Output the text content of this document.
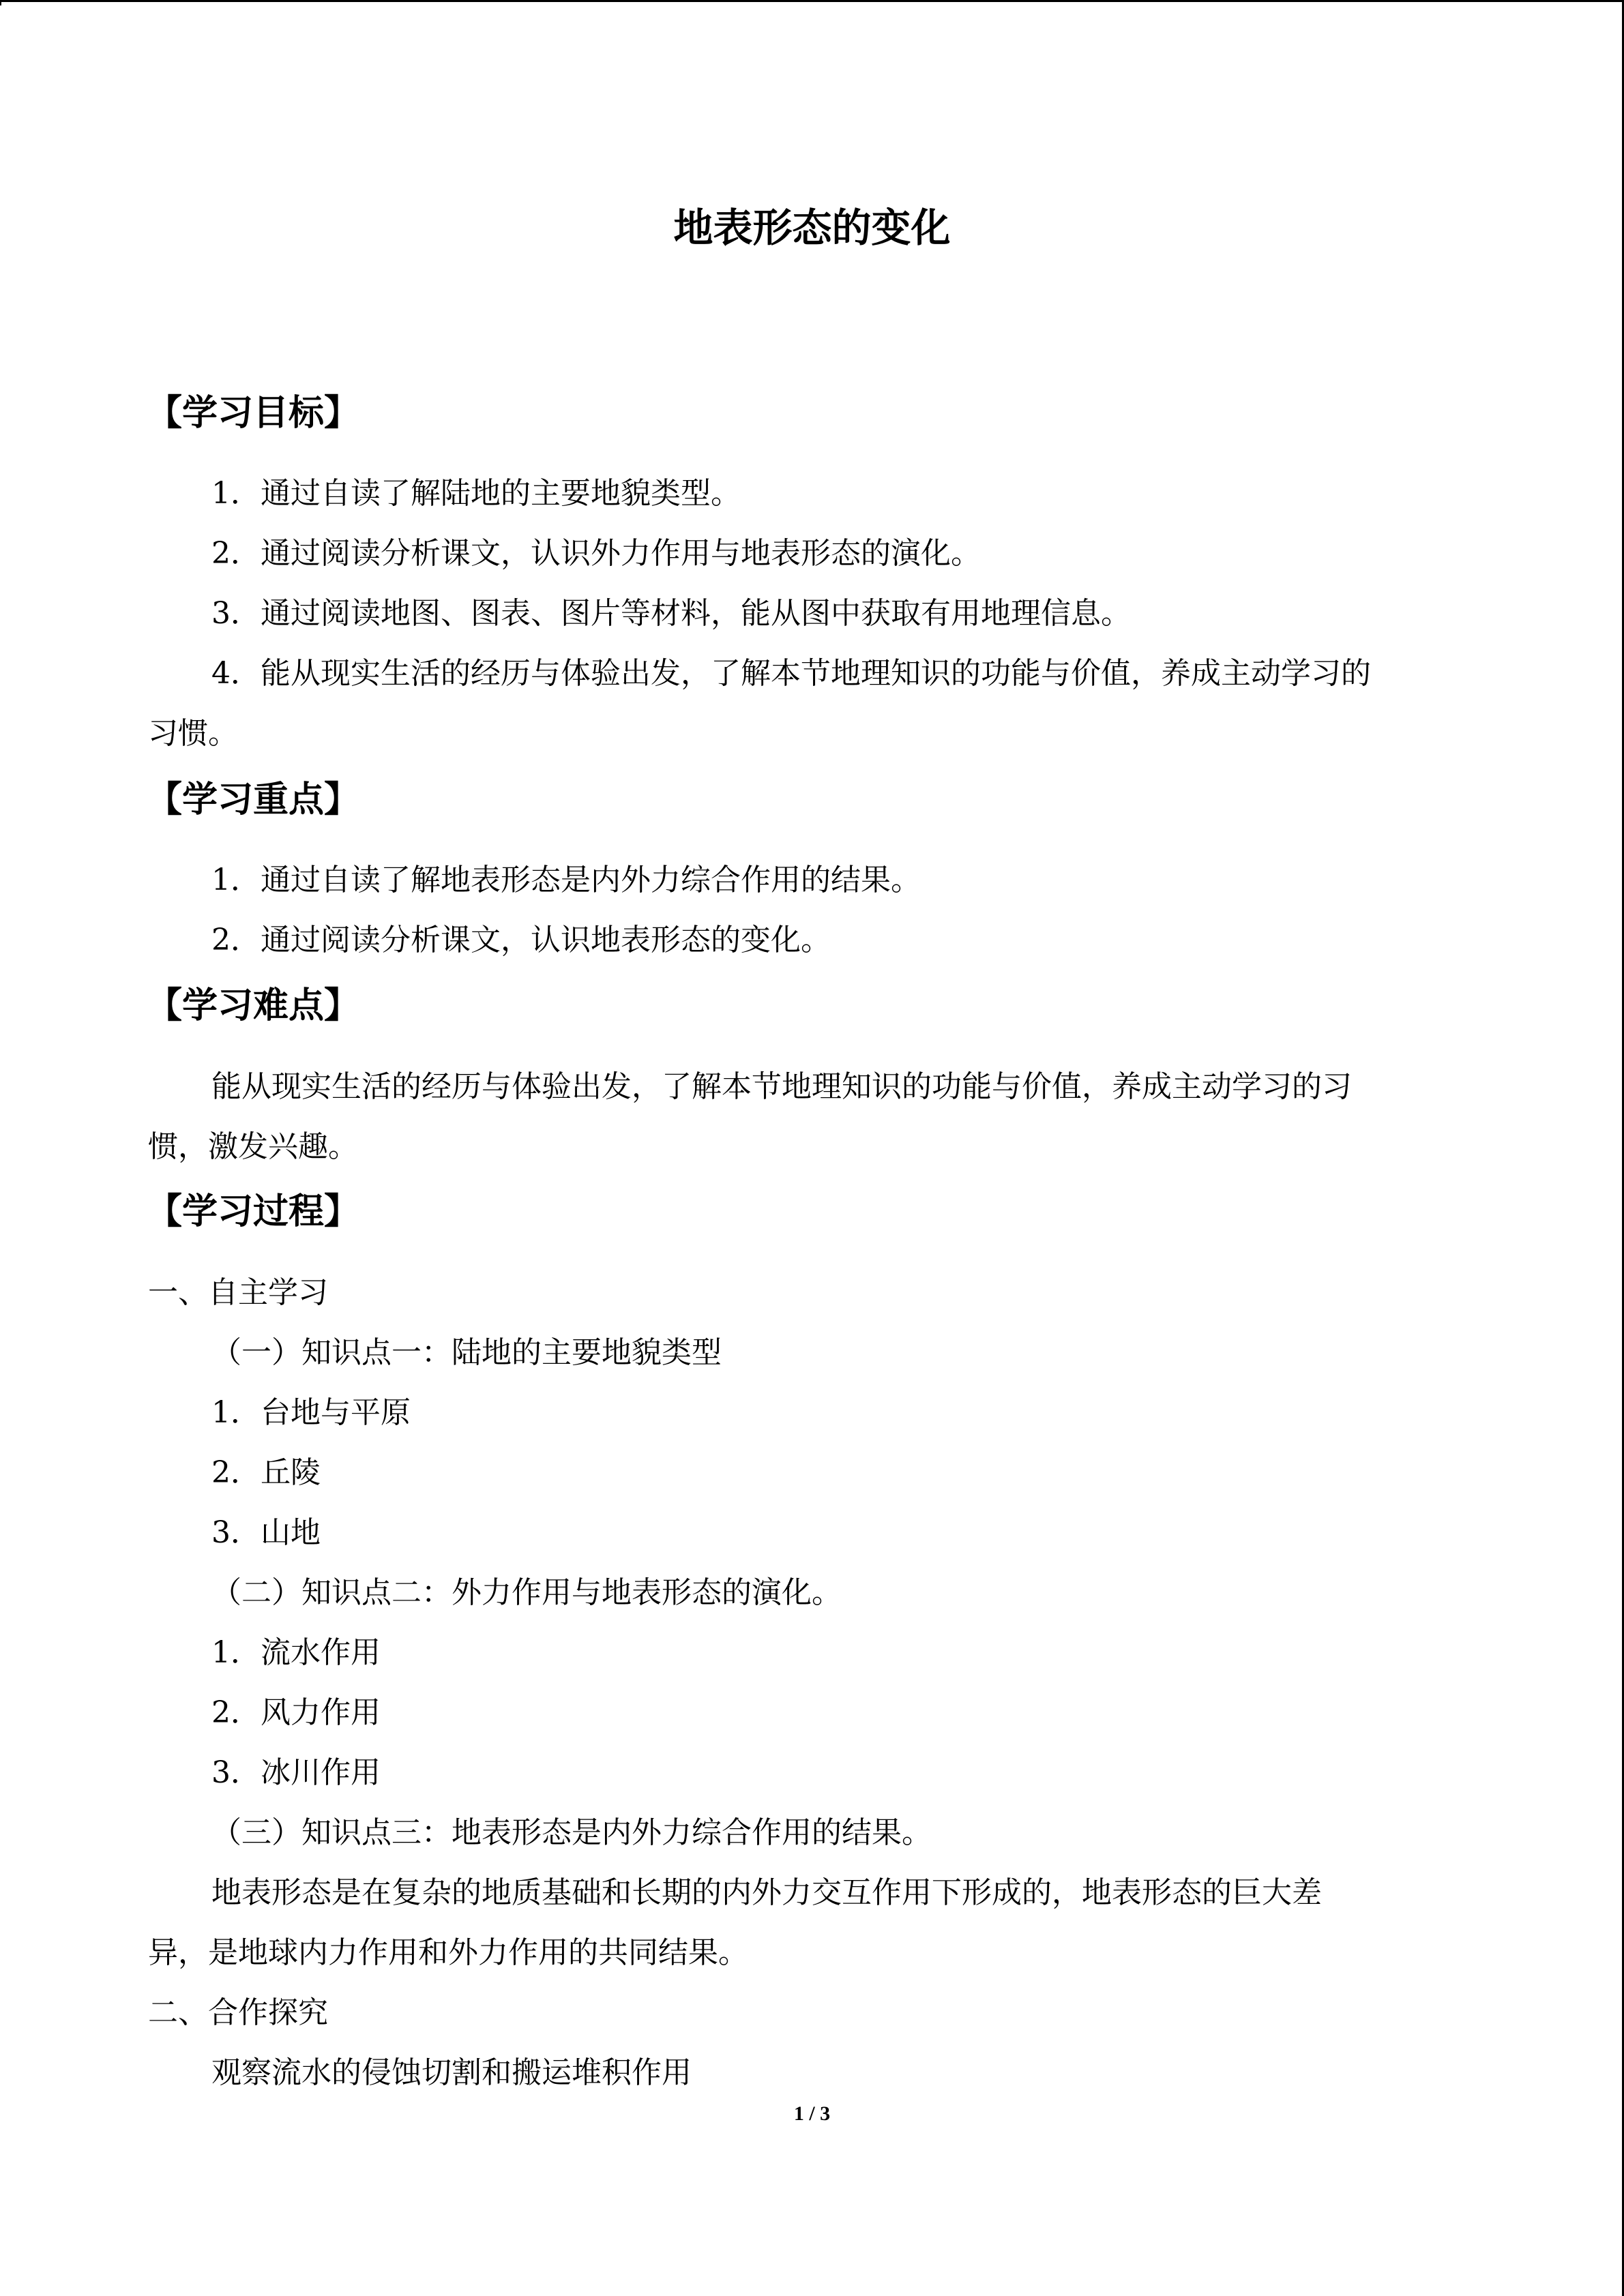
地表形态的变化
【学习目标】
1．通过自读了解陆地的主要地貌类型。
2．通过阅读分析课文，认识外力作用与地表形态的演化。
3．通过阅读地图、图表、图片等材料，能从图中获取有用地理信息。
4．能从现实生活的经历与体验出发，了解本节地理知识的功能与价值，养成主动学习的
习惯。
【学习重点】
1．通过自读了解地表形态是内外力综合作用的结果。
2．通过阅读分析课文，认识地表形态的变化。
【学习难点】
能从现实生活的经历与体验出发，了解本节地理知识的功能与价值，养成主动学习的习
惯，激发兴趣。
【学习过程】
一、自主学习
（一）知识点一：陆地的主要地貌类型
1．台地与平原
2．丘陵
3．山地
（二）知识点二：外力作用与地表形态的演化。
1．流水作用
2．风力作用
3．冰川作用
（三）知识点三：地表形态是内外力综合作用的结果。
地表形态是在复杂的地质基础和长期的内外力交互作用下形成的，地表形态的巨大差
异，是地球内力作用和外力作用的共同结果。
二、合作探究
观察流水的侵蚀切割和搬运堆积作用
1 / 3
